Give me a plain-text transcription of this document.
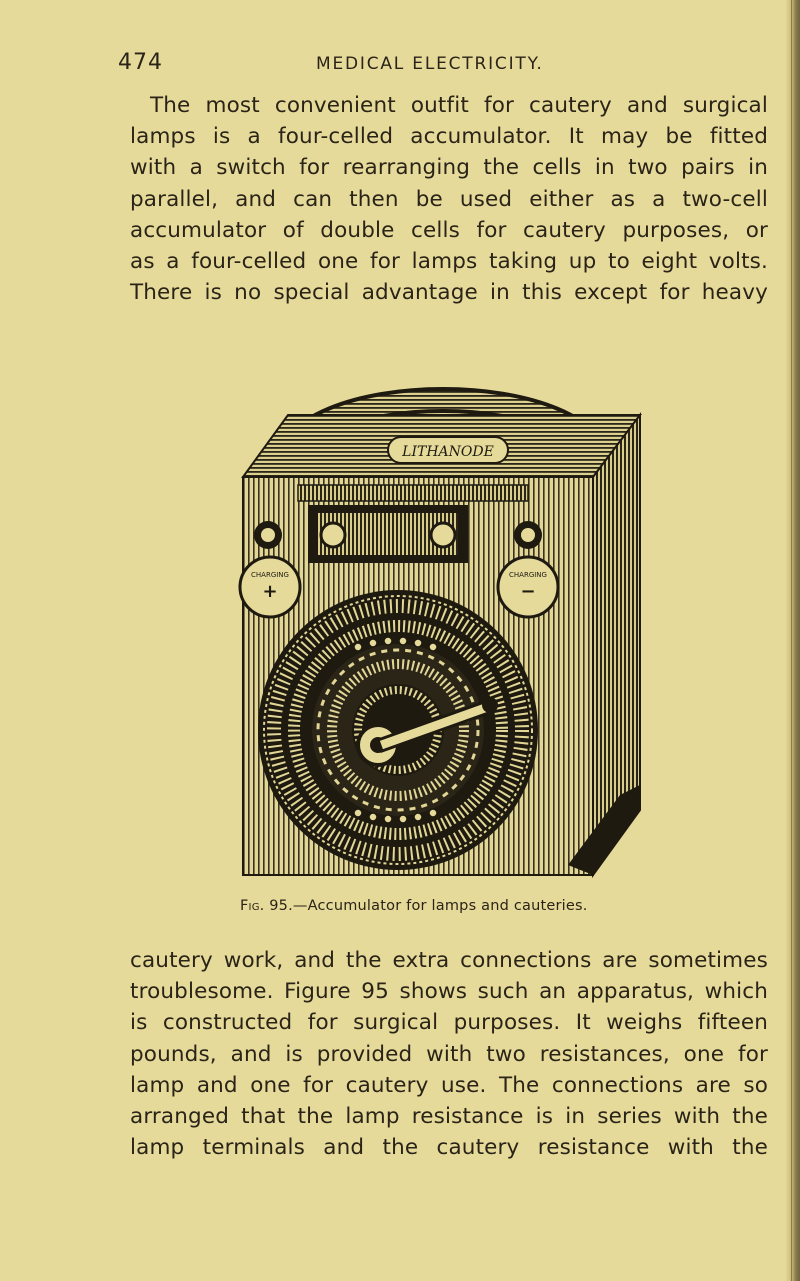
474	MEDICAL ELECTRICITY.
The most convenient outfit for cautery and surgical
lamps is a four-celled accumulator. It may be fitted
with a switch for rearranging the cells in two pairs in
parallel, and can then be used either as a two-cell
accumulator of double cells for cautery purposes, or
as a four-celled one for lamps taking up to eight volts.
There is no special advantage in this except for heavy
LITHANODE
CHARGING
+
CHARGING
−
Fig. 95.—Accumulator for lamps and cauteries.
cautery work, and the extra connections are sometimes
troublesome. Figure 95 shows such an apparatus, which
is constructed for surgical purposes. It weighs fifteen
pounds, and is provided with two resistances, one for
lamp and one for cautery use. The connections are so
arranged that the lamp resistance is in series with the
lamp terminals and the cautery resistance with the
